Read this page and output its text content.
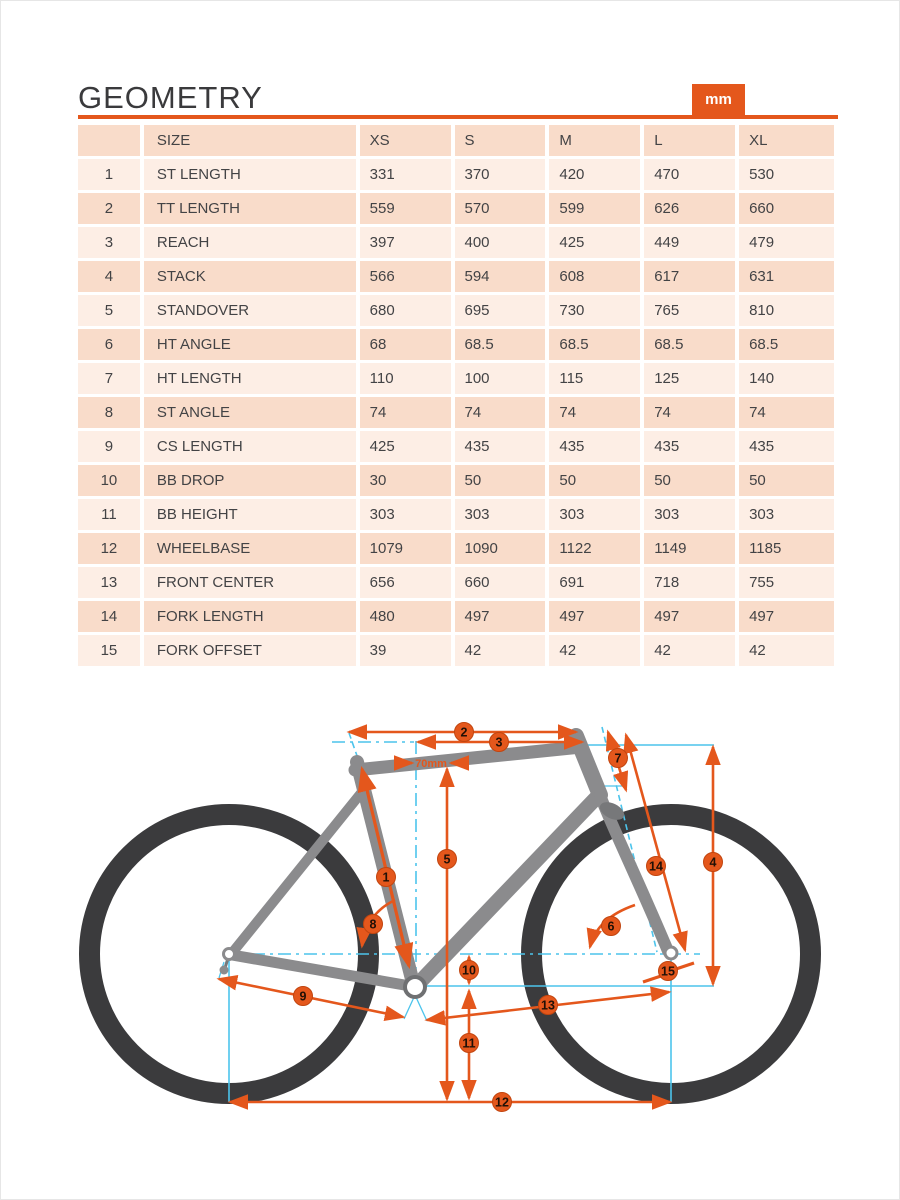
GEOMETRY	mm
	SIZE	XS	S	M	L	XL
1	ST LENGTH	331	370	420	470	530
2	TT LENGTH	559	570	599	626	660
3	REACH	397	400	425	449	479
4	STACK	566	594	608	617	631
5	STANDOVER	680	695	730	765	810
6	HT ANGLE	68	68.5	68.5	68.5	68.5
7	HT LENGTH	110	100	115	125	140
8	ST ANGLE	74	74	74	74	74
9	CS LENGTH	425	435	435	435	435
10	BB DROP	30	50	50	50	50
11	BB HEIGHT	303	303	303	303	303
12	WHEELBASE	1079	1090	1122	1149	1185
13	FRONT CENTER	656	660	691	718	755
14	FORK LENGTH	480	497	497	497	497
15	FORK OFFSET	39	42	42	42	42
70mm
1
2
3
4
5
6
7
8
9
10
11
12
13
14
15
